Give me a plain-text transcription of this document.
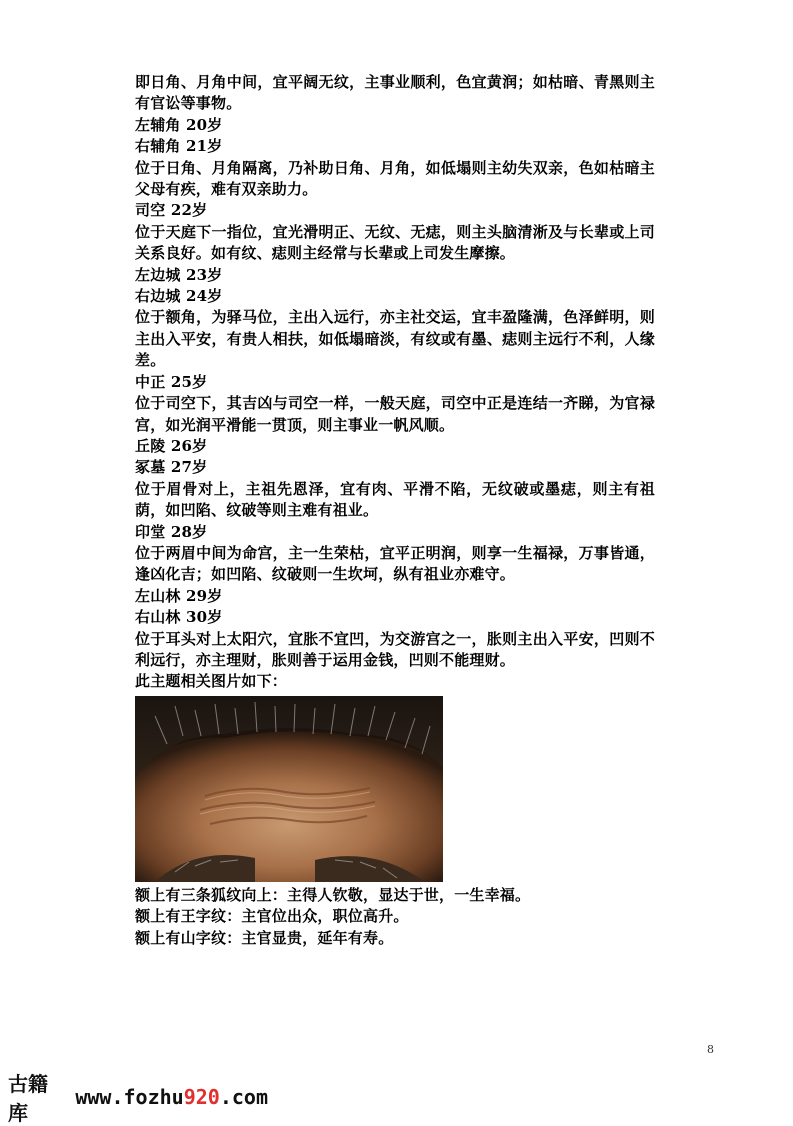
即日角、月角中间，宜平阔无纹，主事业顺利，色宜黄润；如枯暗、青黑则主有官讼等事物。

左辅角 20岁

右辅角 21岁

位于日角、月角隔离，乃补助日角、月角，如低塌则主幼失双亲，色如枯暗主父母有疾，难有双亲助力。

司空 22岁

位于天庭下一指位，宜光滑明正、无纹、无痣，则主头脑清淅及与长辈或上司关系良好。如有纹、痣则主经常与长辈或上司发生摩擦。

左边城 23岁

右边城 24岁

位于额角，为驿马位，主出入远行，亦主社交运，宜丰盈隆满，色泽鲜明，则主出入平安，有贵人相扶，如低塌暗淡，有纹或有墨、痣则主远行不利，人缘差。

中正 25岁

位于司空下，其吉凶与司空一样，一般天庭，司空中正是连结一齐睇，为官禄宫，如光润平滑能一贯顶，则主事业一帆风顺。

丘陵 26岁

冢墓 27岁

位于眉骨对上，主祖先恩泽，宜有肉、平滑不陷，无纹破或墨痣，则主有祖荫，如凹陷、纹破等则主难有祖业。

印堂 28岁

位于两眉中间为命宫，主一生荣枯，宜平正明润，则享一生福禄，万事皆通，逢凶化吉；如凹陷、纹破则一生坎坷，纵有祖业亦难守。

左山林 29岁

右山林 30岁

位于耳头对上太阳穴，宜胀不宜凹，为交游宫之一，胀则主出入平安，凹则不利远行，亦主理财，胀则善于运用金钱，凹则不能理财。

此主题相关图片如下：

额上有三条狐纹向上：主得人钦敬，显达于世，一生幸福。

额上有王字纹：主官位出众，职位高升。

额上有山字纹：主官显贵，延年有寿。

8
古籍库
www.fozhu 920 .com
